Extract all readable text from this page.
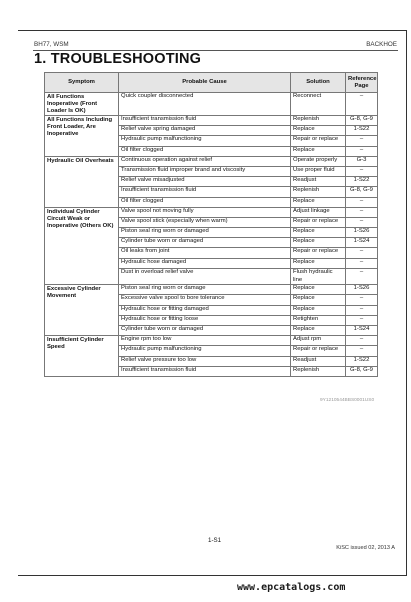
BH77, WSM	BACKHOE
1. TROUBLESHOOTING
Symptom	Probable Cause	Solution	Reference Page
All Functions Inoperative (Front Loader Is OK)	Quick coupler disconnected	Reconnect	–
All Functions Including Front Loader, Are Inoperative	Insufficient transmission fluid	Replenish	G-8, G-9
	Relief valve spring damaged	Replace	1-S22
	Hydraulic pump malfunctioning	Repair or replace	–
	Oil filter clogged	Replace	–
Hydraulic Oil Overheats	Continuous operation against relief	Operate properly	G-3
	Transmission fluid improper brand and viscosity	Use proper fluid	–
	Relief valve misadjusted	Readjust	1-S22
	Insufficient transmission fluid	Replenish	G-8, G-9
	Oil filter clogged	Replace	–
Individual Cylinder Circuit Weak or Inoperative (Others OK)	Valve spool not moving fully	Adjust linkage	–
	Valve spool stick (especially when warm)	Repair or replace	–
	Piston seal ring worn or damaged	Replace	1-S26
	Cylinder tube worn or damaged	Replace	1-S24
	Oil leaks from joint	Repair or replace	–
	Hydraulic hose damaged	Replace	–
	Dust in overload relief valve	Flush hydraulic line	–
Excessive Cylinder Movement	Piston seal ring worn or damage	Replace	1-S26
	Excessive valve spool to bore tolerance	Replace	–
	Hydraulic hose or fitting damaged	Replace	–
	Hydraulic hose or fitting loose	Retighten	–
	Cylinder tube worn or damaged	Replace	1-S24
Insufficient Cylinder Speed	Engine rpm too low	Adjust rpm	–
	Hydraulic pump malfunctioning	Repair or replace	–
	Relief valve pressure too low	Readjust	1-S22
	Insufficient transmission fluid	Replenish	G-8, G-9
9Y1210544BBS0001US0
1-S1
KiSC issued 02, 2013 A
www.epcatalogs.com
